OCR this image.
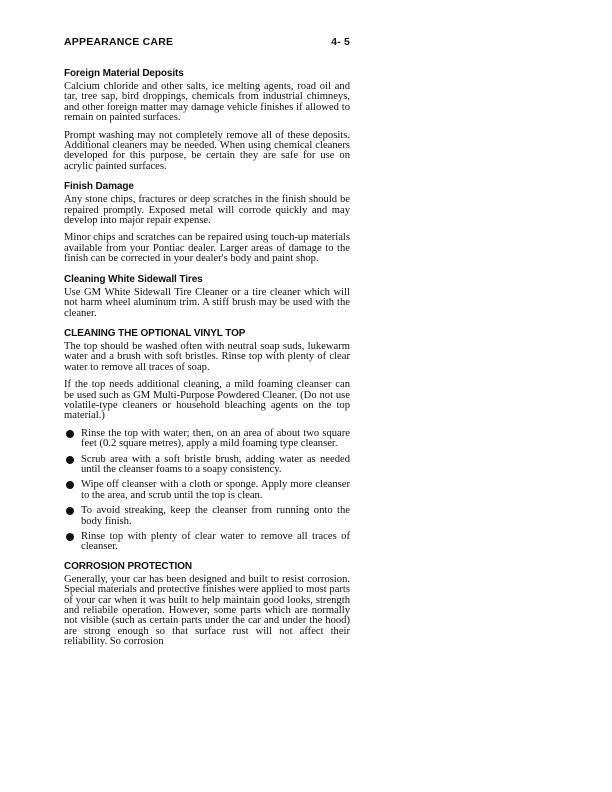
APPEARANCE CARE	4- 5
Foreign Material Deposits

Calcium chloride and other salts, ice melting agents, road oil and tar, tree sap, bird droppings, chemicals from industrial chimneys, and other foreign matter may damage vehicle finishes if allowed to remain on painted surfaces.

Prompt washing may not completely remove all of these deposits. Additional cleaners may be needed. When using chemical cleaners developed for this purpose, be certain they are safe for use on acrylic painted surfaces.

Finish Damage

Any stone chips, fractures or deep scratches in the finish should be repaired promptly. Exposed metal will corrode quickly and may develop into major repair expense.

Minor chips and scratches can be repaired using touch-up materials available from your Pontiac dealer. Larger areas of damage to the finish can be corrected in your dealer's body and paint shop.

Cleaning White Sidewall Tires

Use GM White Sidewall Tire Cleaner or a tire cleaner which will not harm wheel aluminum trim. A stiff brush may be used with the cleaner.

CLEANING THE OPTIONAL VINYL TOP

The top should be washed often with neutral soap suds, lukewarm water and a brush with soft bristles. Rinse top with plenty of clear water to remove all traces of soap.

If the top needs additional cleaning, a mild foaming cleanser can be used such as GM Multi-Purpose Powdered Cleaner. (Do not use volatile-type cleaners or household bleaching agents on the top material.)

Rinse the top with water; then, on an area of about two square feet (0.2 square metres), apply a mild foaming type cleanser.
Scrub area with a soft bristle brush, adding water as needed until the cleanser foams to a soapy consistency.
Wipe off cleanser with a cloth or sponge. Apply more cleanser to the area, and scrub until the top is clean.
To avoid streaking, keep the cleanser from running onto the body finish.
Rinse top with plenty of clear water to remove all traces of cleanser.
CORROSION PROTECTION

Generally, your car has been designed and built to resist corrosion. Special materials and protective finishes were applied to most parts of your car when it was built to help maintain good looks, strength and reliabile operation. However, some parts which are normally not visible (such as certain parts under the car and under the hood) are strong enough so that surface rust will not affect their reliability. So corrosion
